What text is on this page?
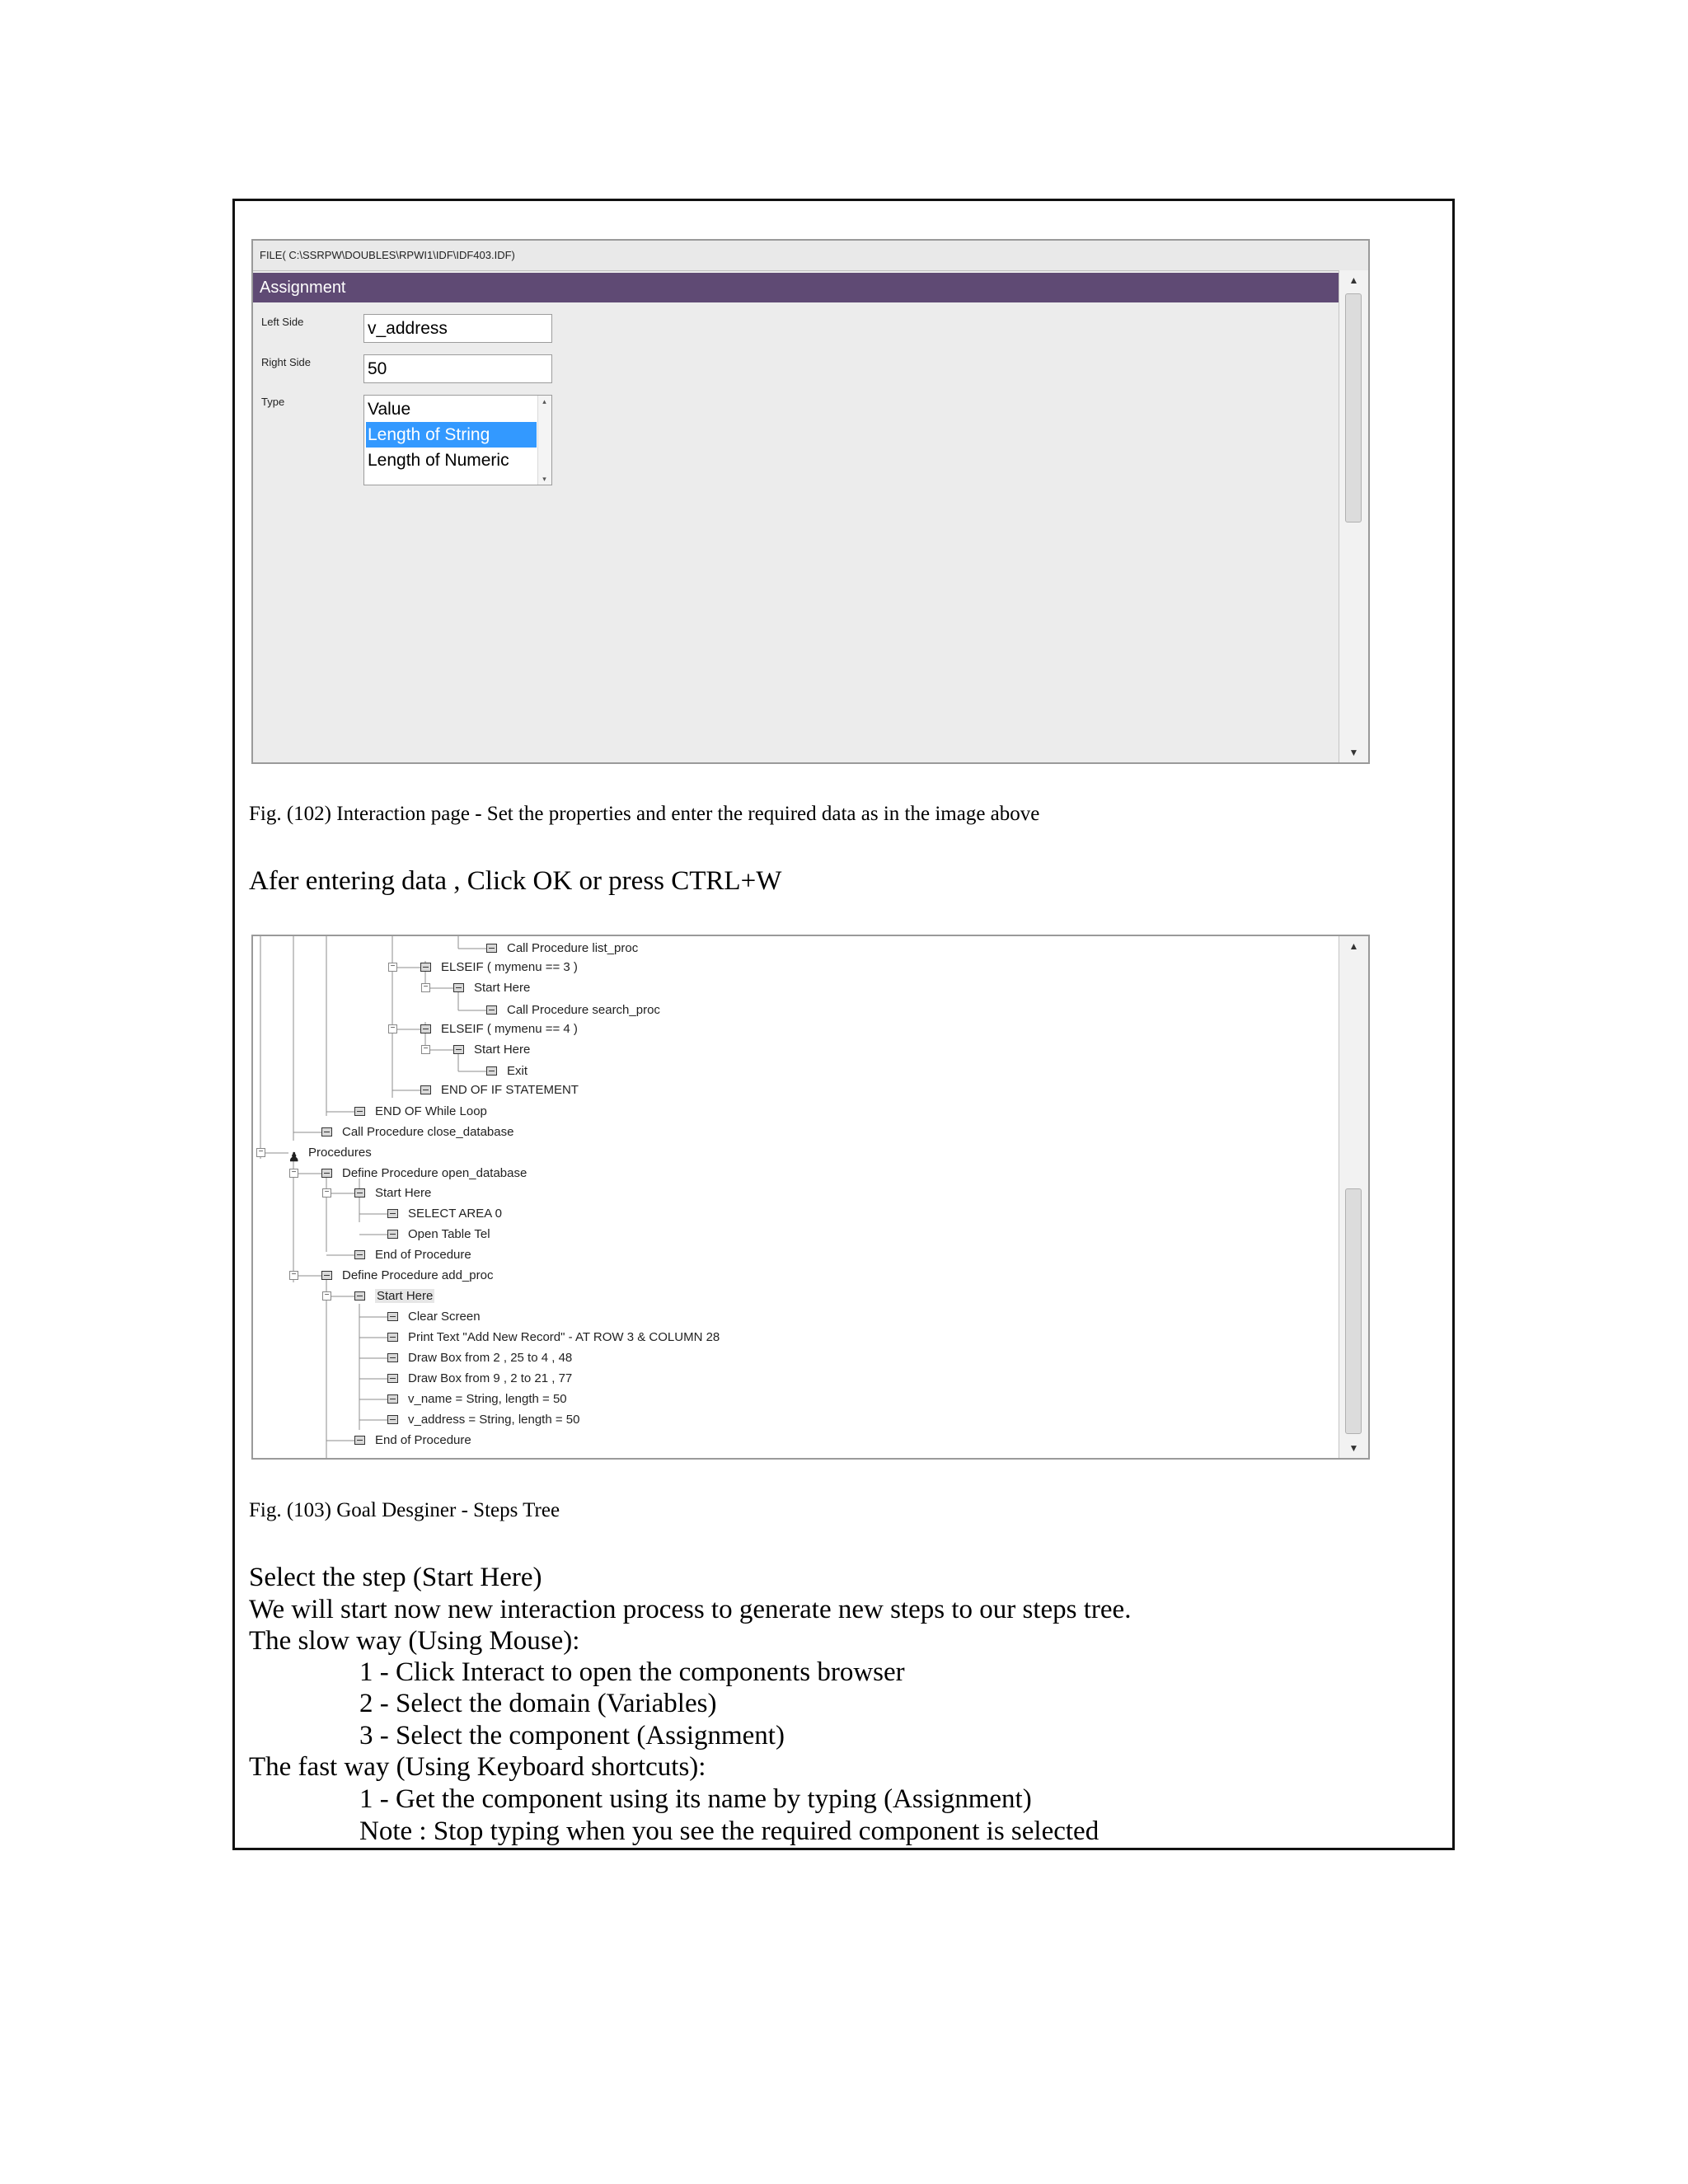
FILE( C:\SSRPW\DOUBLES\RPWI1\IDF\IDF403.IDF)
Assignment
Left Side	v_address
Right Side	50
Type	Value
Length of String
Length of Numeric
▴
▾
▲
▼
Fig. (102) Interaction page - Set the properties and enter the required data as in the image above
Afer entering data , Click OK or press CTRL+W
−
−
−
−
−
−
−
−
−
Call Procedure list_proc
ELSEIF ( mymenu == 3 )
Start Here
Call Procedure search_proc
ELSEIF ( mymenu == 4 )
Start Here
Exit
END OF IF STATEMENT
END OF While Loop
Call Procedure close_database
♟ Procedures
Define Procedure open_database
Start Here
SELECT AREA 0
Open Table Tel
End of Procedure
Define Procedure add_proc
Start Here
Clear Screen
Print Text "Add New Record" - AT ROW 3 & COLUMN 28
Draw Box from 2 , 25 to 4 , 48
Draw Box from 9 , 2 to 21 , 77
v_name = String, length = 50
v_address = String, length = 50
End of Procedure
▲
▼
Fig. (103) Goal Desginer - Steps Tree
Select the step (Start Here)
We will start now new interaction process to generate new steps to our steps tree.
The slow way (Using Mouse):
1 - Click Interact to open the components browser
2 - Select the domain (Variables)
3 - Select the component (Assignment)
The fast way (Using Keyboard shortcuts):
1 - Get the component using its name by typing (Assignment)
Note : Stop typing when you see the required component is selected
